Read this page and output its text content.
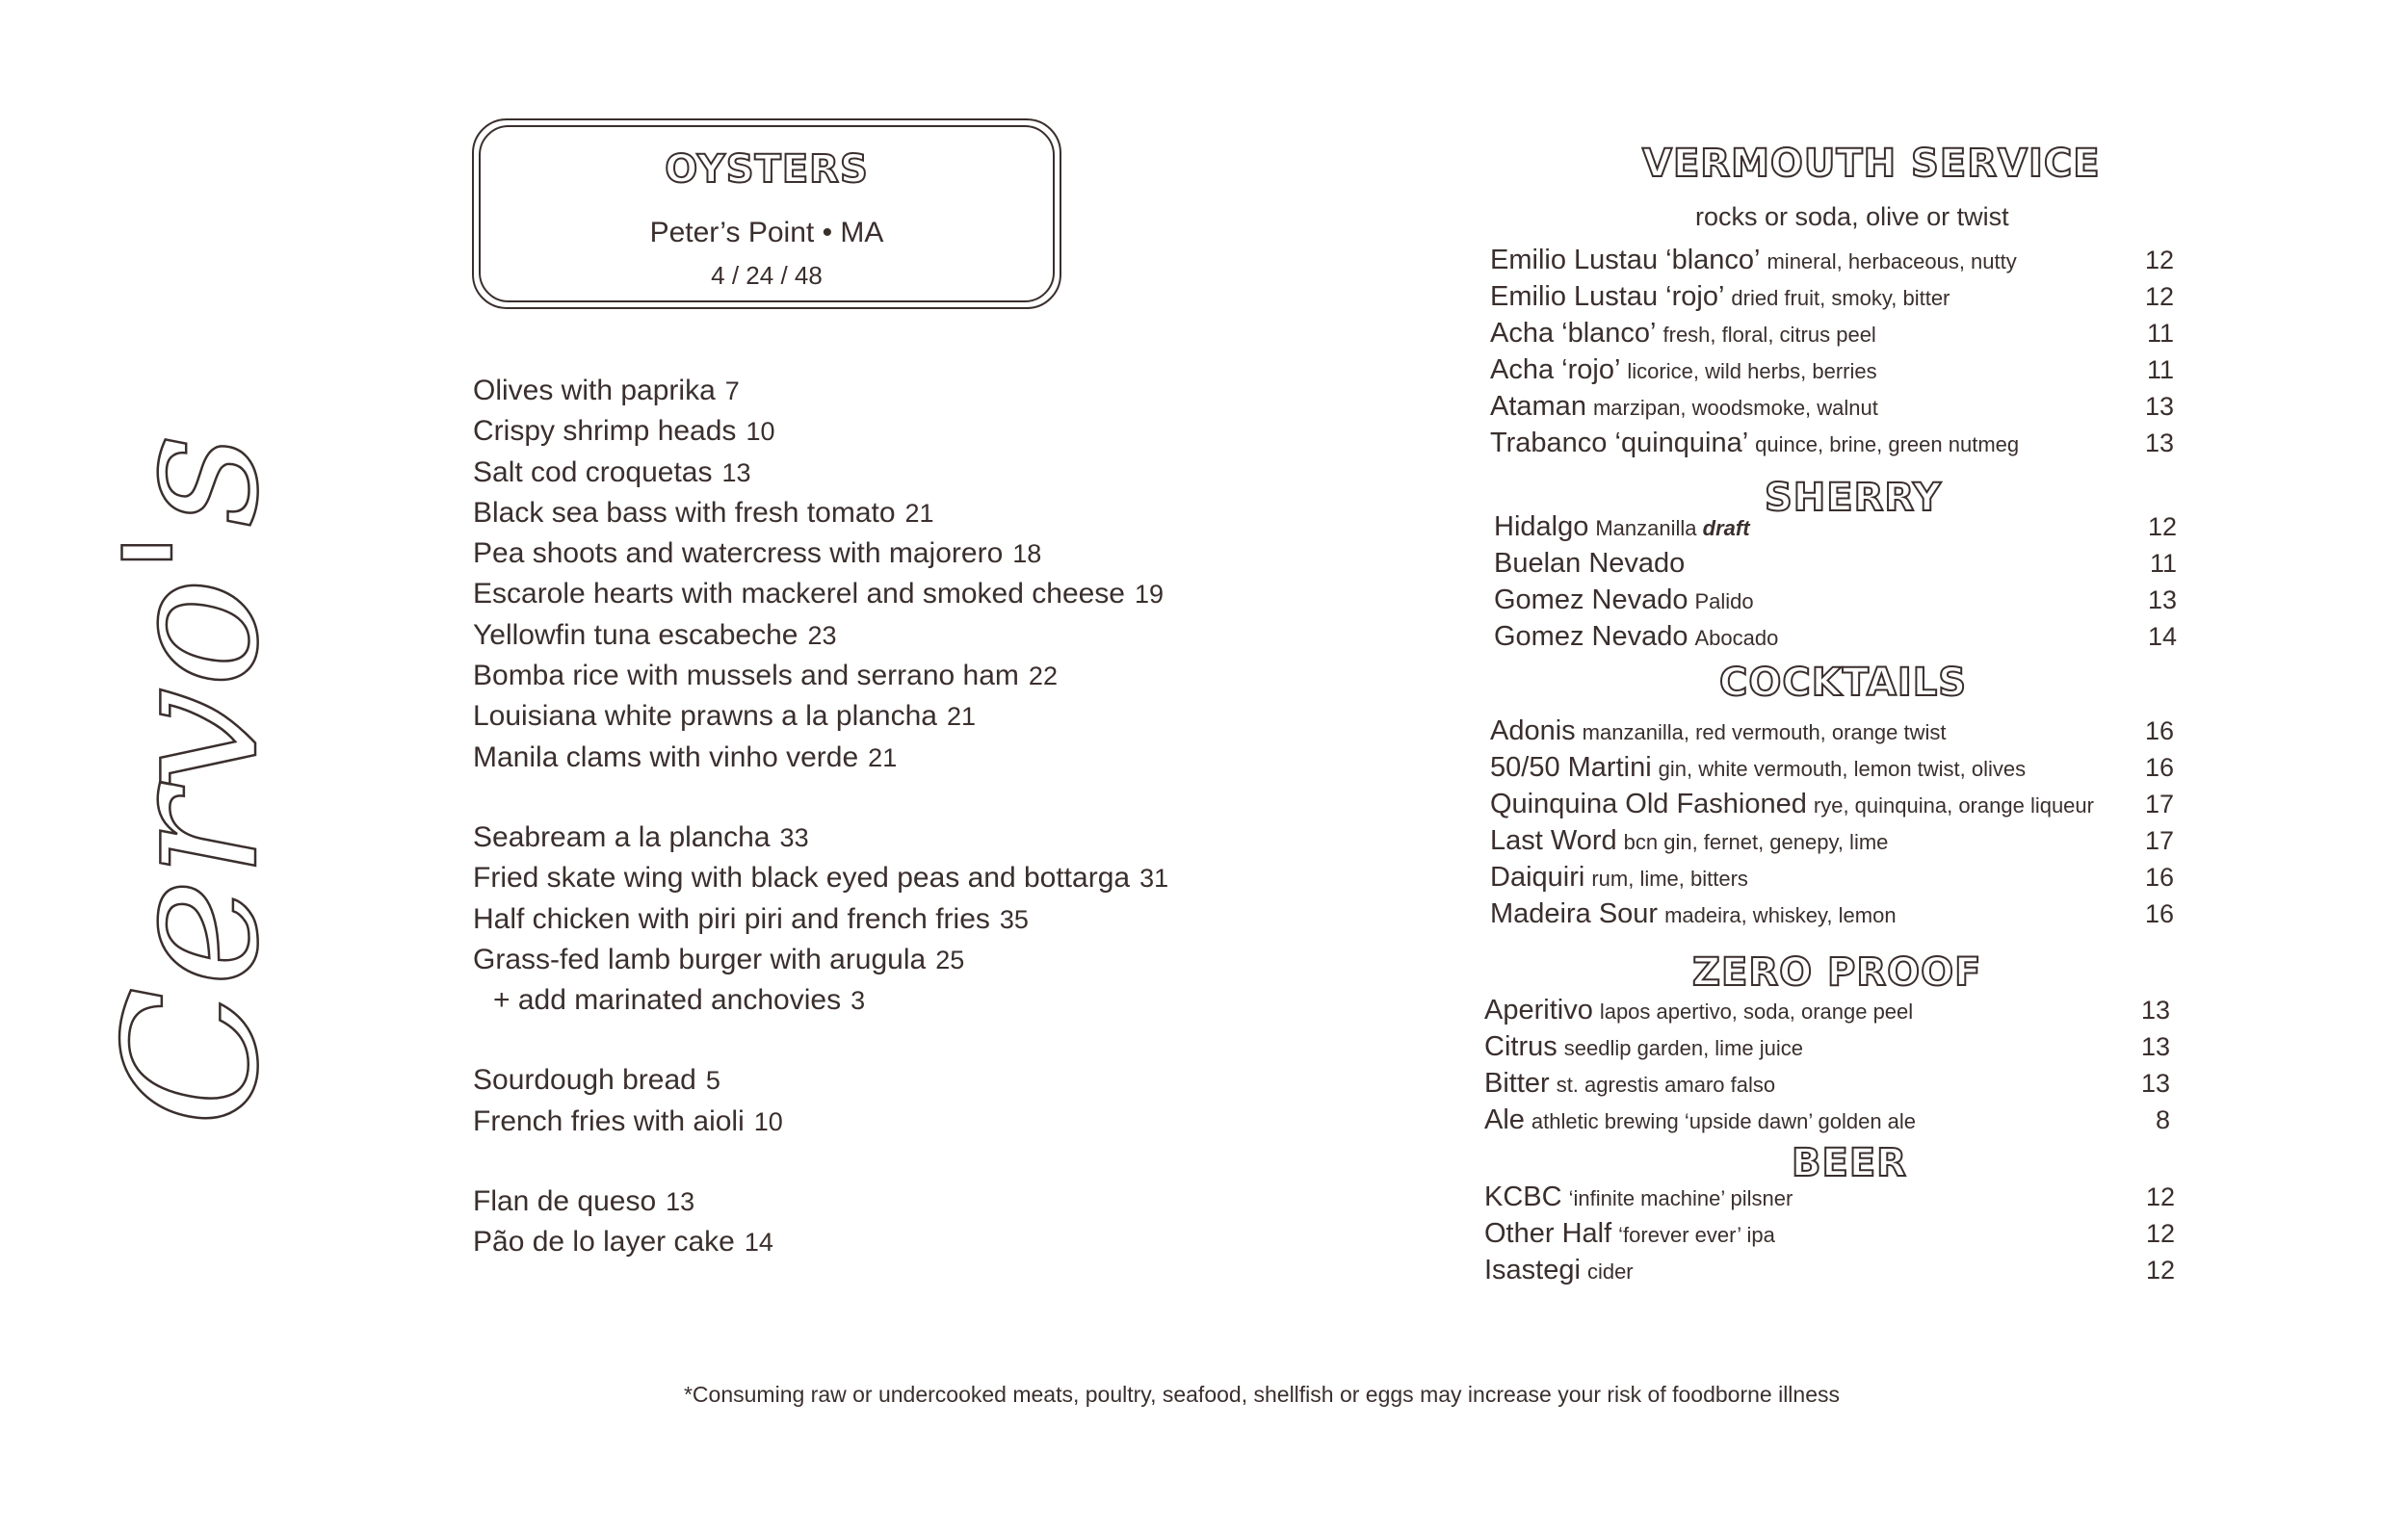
Cervo's
OYSTERS
Peter’s Point • MA
4 / 24 / 48
Olives with paprika 7
Crispy shrimp heads 10
Salt cod croquetas 13
Black sea bass with fresh tomato 21
Pea shoots and watercress with majorero 18
Escarole hearts with mackerel and smoked cheese 19
Yellowfin tuna escabeche 23
Bomba rice with mussels and serrano ham 22
Louisiana white prawns a la plancha 21
Manila clams with vinho verde 21
Seabream a la plancha 33
Fried skate wing with black eyed peas and bottarga 31
Half chicken with piri piri and french fries 35
Grass-fed lamb burger with arugula 25
+ add marinated anchovies 3
Sourdough bread 5
French fries with aioli 10
Flan de queso 13
Pão de lo layer cake 14
VERMOUTH SERVICE
rocks or soda, olive or twist
Emilio Lustau ‘blanco’ mineral, herbaceous, nutty	12
Emilio Lustau ‘rojo’ dried fruit, smoky, bitter	12
Acha ‘blanco’ fresh, floral, citrus peel	11
Acha ‘rojo’ licorice, wild herbs, berries	11
Ataman marzipan, woodsmoke, walnut	13
Trabanco ‘quinquina’ quince, brine, green nutmeg	13
SHERRY
Hidalgo Manzanilla draft	12
Buelan Nevado	11
Gomez Nevado Palido	13
Gomez Nevado Abocado	14
COCKTAILS
Adonis manzanilla, red vermouth, orange twist	16
50/50 Martini gin, white vermouth, lemon twist, olives	16
Quinquina Old Fashioned rye, quinquina, orange liqueur 17
Last Word bcn gin, fernet, genepy, lime	17
Daiquiri rum, lime, bitters	16
Madeira Sour madeira, whiskey, lemon	16
ZERO PROOF
Aperitivo lapos apertivo, soda, orange peel	13
Citrus seedlip garden, lime juice	13
Bitter st. agrestis amaro falso	13
Ale athletic brewing ‘upside dawn’ golden ale	8
BEER
KCBC ‘infinite machine’ pilsner	12
Other Half ‘forever ever’ ipa	12
Isastegi cider	12
*Consuming raw or undercooked meats, poultry, seafood, shellfish or eggs may increase your risk of foodborne illness
